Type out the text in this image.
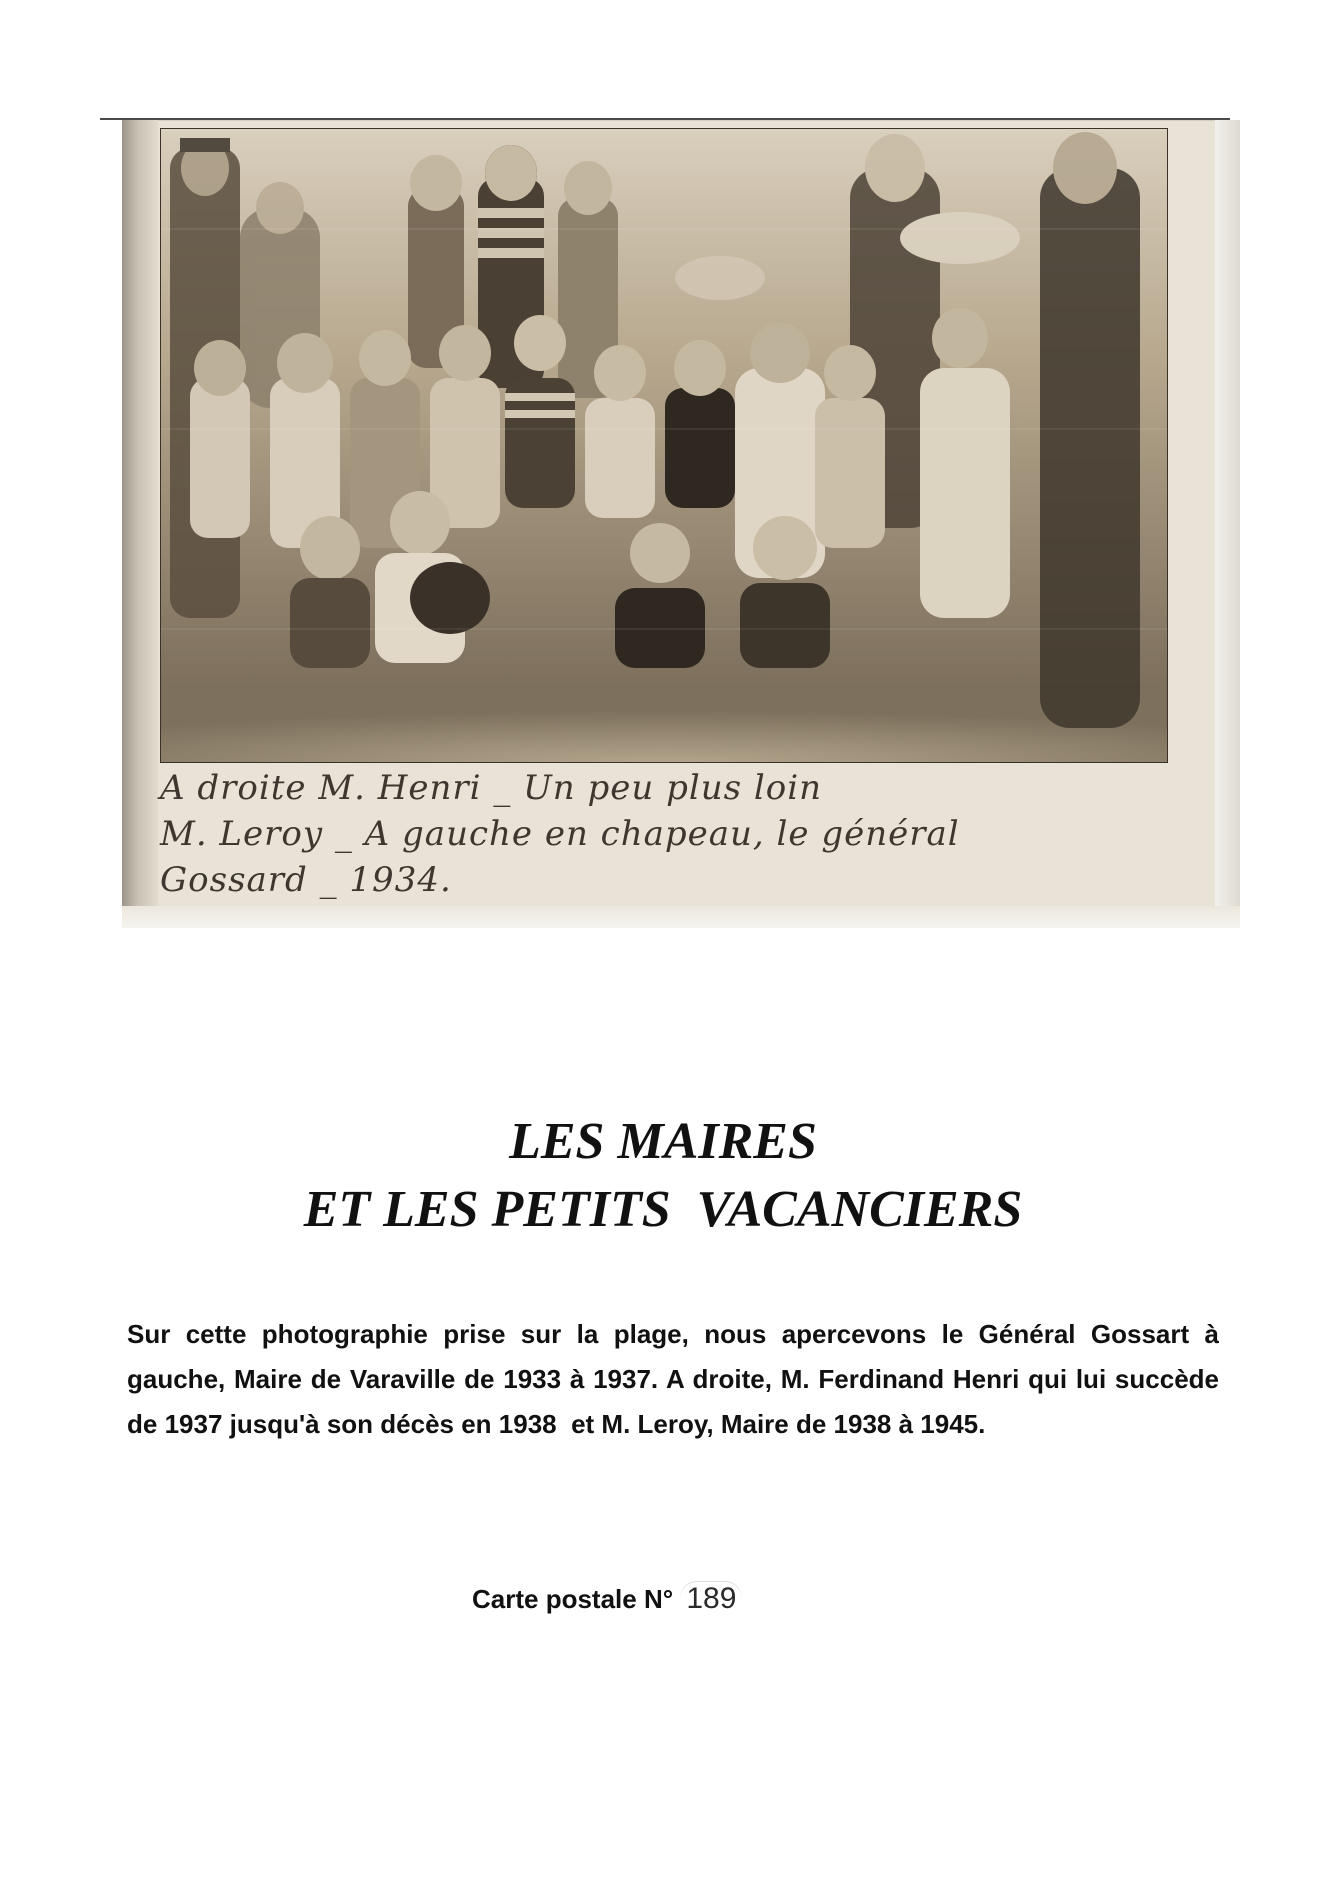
A droite M. Henri _ Un peu plus loin
M. Leroy _ A gauche en chapeau, le général
Gossard _ 1934.
LES MAIRES
ET LES PETITS  VACANCIERS
Sur cette photographie prise sur la plage, nous apercevons le Général Gossart à gauche, Maire de Varaville de 1933 à 1937. A droite, M. Ferdinand Henri qui lui succède de 1937 jusqu'à son décès en 1938  et M. Leroy, Maire de 1938 à 1945.
Carte postale N° 189
